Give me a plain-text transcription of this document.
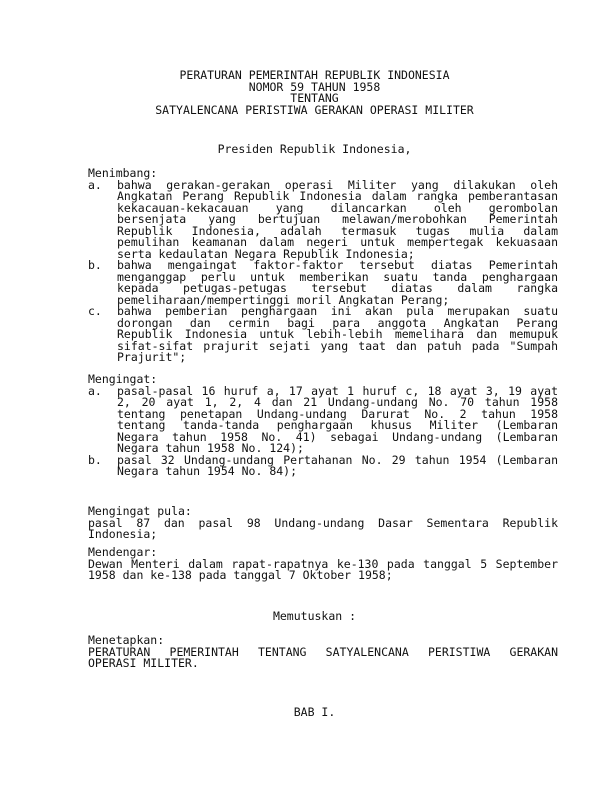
PERATURAN PEMERINTAH REPUBLIK INDONESIA
NOMOR 59 TAHUN 1958
TENTANG
SATYALENCANA PERISTIWA GERAKAN OPERASI MILITER
Presiden Republik Indonesia,
Menimbang:
a. bahwa gerakan-gerakan operasi Militer yang dilakukan oleh
Angkatan Perang Republik Indonesia dalam rangka pemberantasan
kekacauan-kekacauan yang dilancarkan oleh gerombolan
bersenjata yang bertujuan melawan/merobohkan Pemerintah
Republik Indonesia, adalah termasuk tugas mulia dalam
pemulihan keamanan dalam negeri untuk mempertegak kekuasaan
serta kedaulatan Negara Republik Indonesia;
b. bahwa mengaingat faktor-faktor tersebut diatas Pemerintah
menganggap perlu untuk memberikan suatu tanda penghargaan
kepada petugas-petugas tersebut diatas dalam rangka
pemeliharaan/mempertinggi moril Angkatan Perang;
c. bahwa pemberian penghargaan ini akan pula merupakan suatu
dorongan dan cermin bagi para anggota Angkatan Perang
Republik Indonesia untuk lebih-lebih memelihara dan memupuk
sifat-sifat prajurit sejati yang taat dan patuh pada "Sumpah
Prajurit";
Mengingat:
a. pasal-pasal 16 huruf a, 17 ayat 1 huruf c, 18 ayat 3, 19 ayat
2, 20 ayat 1, 2, 4 dan 21 Undang-undang No. 70 tahun 1958
tentang penetapan Undang-undang Darurat No. 2 tahun 1958
tentang tanda-tanda penghargaan khusus Militer (Lembaran
Negara tahun 1958 No. 41) sebagai Undang-undang (Lembaran
Negara tahun 1958 No. 124);
b. pasal 32 Undang-undang Pertahanan No. 29 tahun 1954 (Lembaran
Negara tahun 1954 No. 84);
Mengingat pula:
pasal 87 dan pasal 98 Undang-undang Dasar Sementara Republik
Indonesia;
Mendengar:
Dewan Menteri dalam rapat-rapatnya ke-130 pada tanggal 5 September
1958 dan ke-138 pada tanggal 7 Oktober 1958;
Memutuskan :
Menetapkan:
PERATURAN PEMERINTAH TENTANG SATYALENCANA PERISTIWA GERAKAN
OPERASI MILITER.
BAB I.
